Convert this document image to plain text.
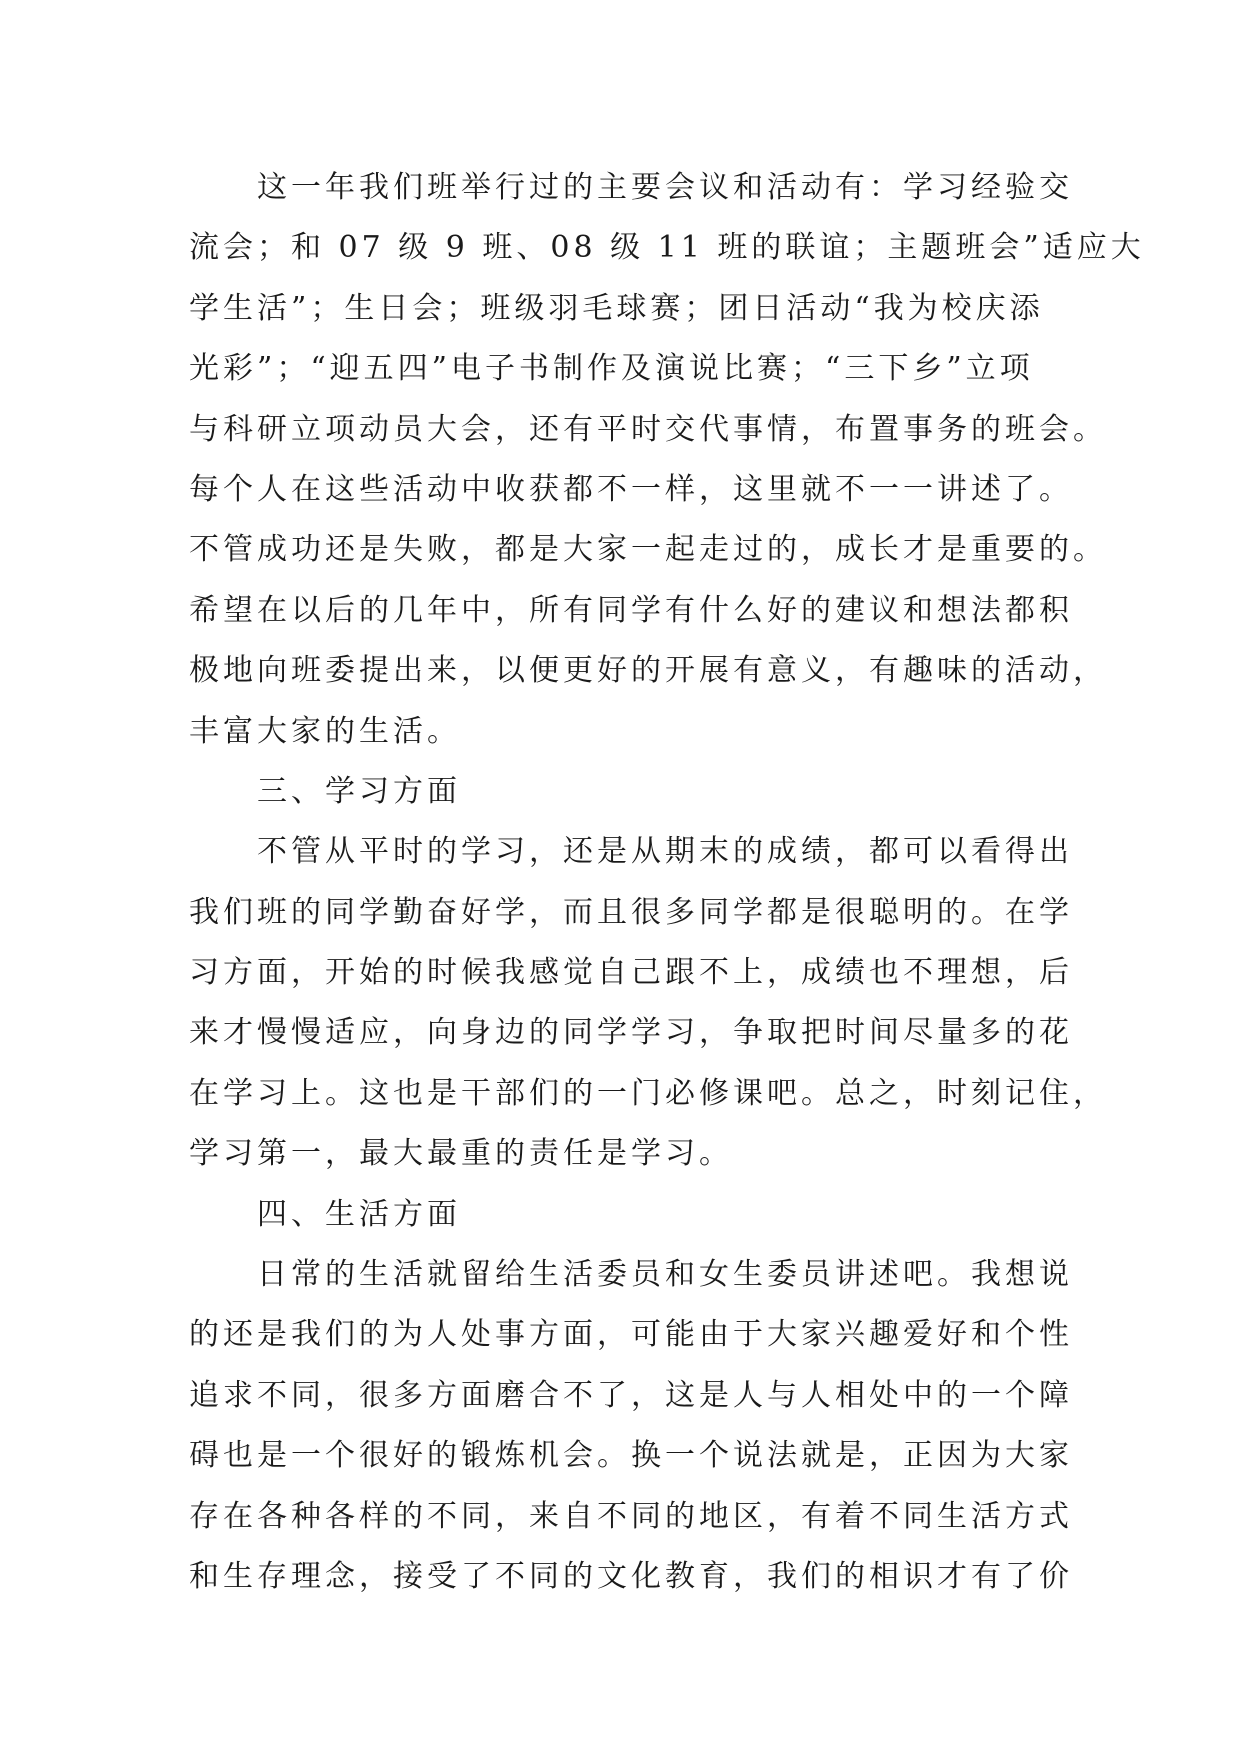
这一年我们班举行过的主要会议和活动有：学习经验交
流会；和 07 级 9 班、08 级 11 班的联谊；主题班会”适应大
学生活”；生日会；班级羽毛球赛；团日活动“我为校庆添
光彩”；“迎五四”电子书制作及演说比赛；“三下乡”立项
与科研立项动员大会，还有平时交代事情，布置事务的班会。
每个人在这些活动中收获都不一样，这里就不一一讲述了。
不管成功还是失败，都是大家一起走过的，成长才是重要的。
希望在以后的几年中，所有同学有什么好的建议和想法都积
极地向班委提出来，以便更好的开展有意义，有趣味的活动，
丰富大家的生活。
三、学习方面
不管从平时的学习，还是从期末的成绩，都可以看得出
我们班的同学勤奋好学，而且很多同学都是很聪明的。在学
习方面，开始的时候我感觉自己跟不上，成绩也不理想，后
来才慢慢适应，向身边的同学学习，争取把时间尽量多的花
在学习上。这也是干部们的一门必修课吧。总之，时刻记住，
学习第一，最大最重的责任是学习。
四、生活方面
日常的生活就留给生活委员和女生委员讲述吧。我想说
的还是我们的为人处事方面，可能由于大家兴趣爱好和个性
追求不同，很多方面磨合不了，这是人与人相处中的一个障
碍也是一个很好的锻炼机会。换一个说法就是，正因为大家
存在各种各样的不同，来自不同的地区，有着不同生活方式
和生存理念，接受了不同的文化教育，我们的相识才有了价
